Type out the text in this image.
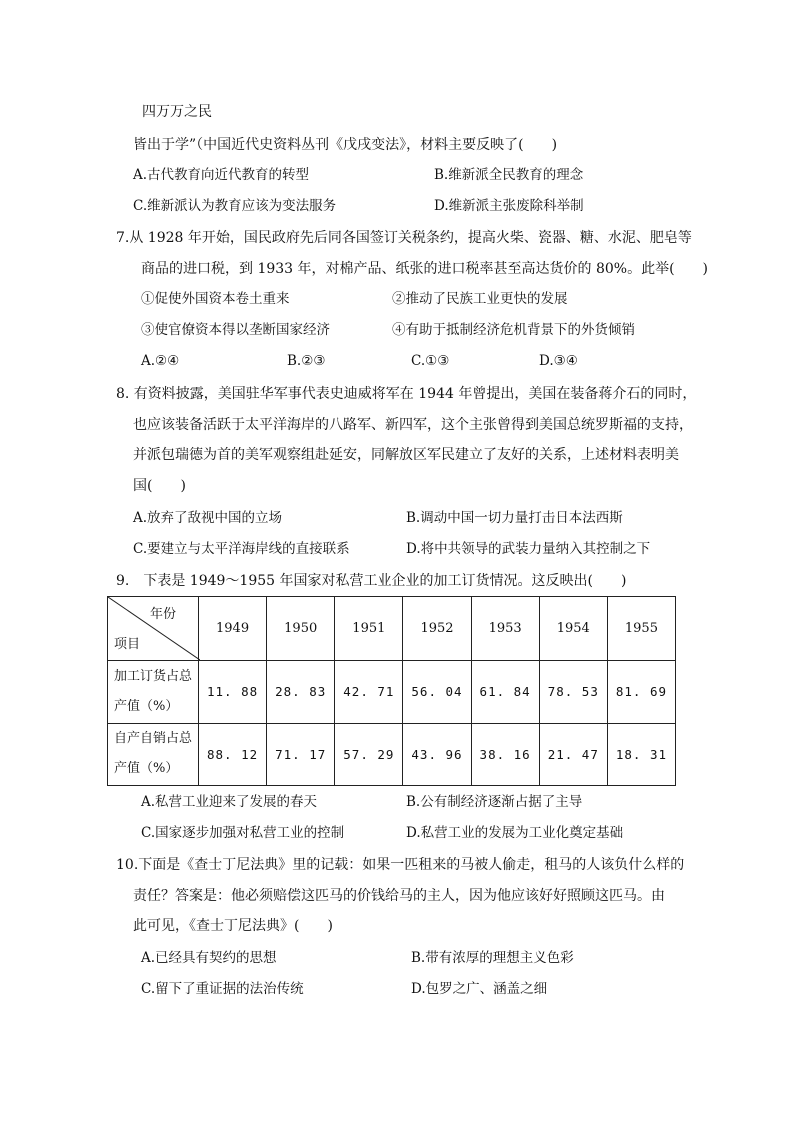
四万万之民
皆出于学”（中国近代史资料丛刊《戊戌变法》，材料主要反映了(　　)
A.古代教育向近代教育的转型	B.维新派全民教育的理念
C.维新派认为教育应该为变法服务	D.维新派主张废除科举制
7.从 1928 年开始，国民政府先后同各国签订关税条约，提高火柴、瓷器、糖、水泥、肥皂等
商品的进口税，到 1933 年，对棉产品、纸张的进口税率甚至高达货价的 80%。此举(　　)
①促使外国资本卷土重来	②推动了民族工业更快的发展
③使官僚资本得以垄断国家经济	④有助于抵制经济危机背景下的外货倾销
A.②④	B.②③	C.①③	D.③④
8. 有资料披露，美国驻华军事代表史迪威将军在 1944 年曾提出，美国在装备蒋介石的同时，
也应该装备活跃于太平洋海岸的八路军、新四军，这个主张曾得到美国总统罗斯福的支持，
并派包瑞德为首的美军观察组赴延安，同解放区军民建立了友好的关系，上述材料表明美
国(　　)
A.放弃了敌视中国的立场	B.调动中国一切力量打击日本法西斯
C.要建立与太平洋海岸线的直接联系	D.将中共领导的武装力量纳入其控制之下
9.　下表是 1949～1955 年国家对私营工业企业的加工订货情况。这反映出(　　)
年份
项目	1949	1950	1951	1952	1953	1954	1955

加工订货占总
产值（%）	11. 88	28. 83	42. 71	56. 04	61. 84	78. 53	81. 69

自产自销占总
产值（%）	88. 12	71. 17	57. 29	43. 96	38. 16	21. 47	18. 31
A.私营工业迎来了发展的春天	B.公有制经济逐渐占据了主导
C.国家逐步加强对私营工业的控制	D.私营工业的发展为工业化奠定基础
10.下面是《查士丁尼法典》里的记载：如果一匹租来的马被人偷走，租马的人该负什么样的
责任？答案是：他必须赔偿这匹马的价钱给马的主人，因为他应该好好照顾这匹马。由
此可见，《查士丁尼法典》(　　)
A.已经具有契约的思想	B.带有浓厚的理想主义色彩
C.留下了重证据的法治传统	D.包罗之广、涵盖之细
